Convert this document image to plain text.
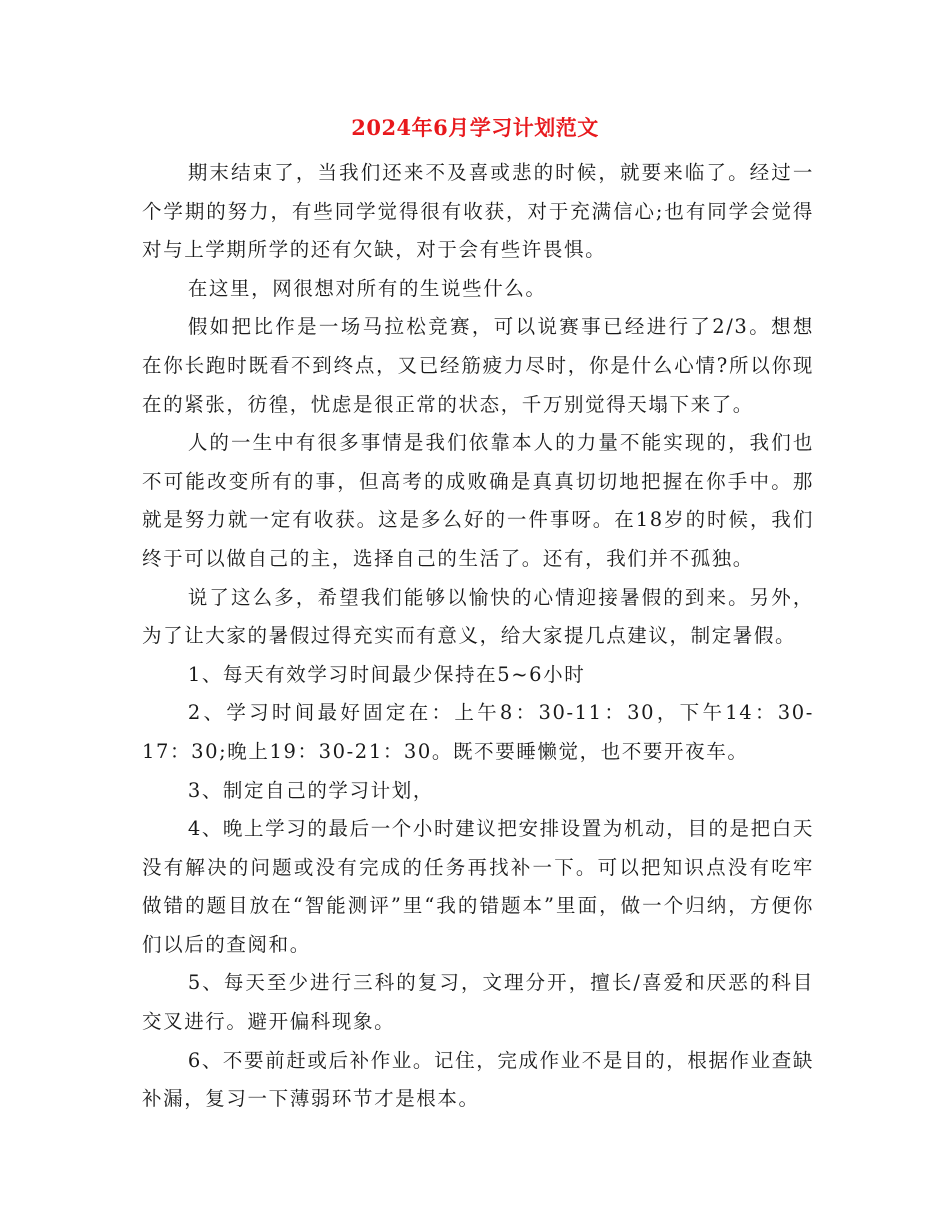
2024年6月学习计划范文

期末结束了，当我们还来不及喜或悲的时候，就要来临了。经过一个学期的努力，有些同学觉得很有收获，对于充满信心;也有同学会觉得对与上学期所学的还有欠缺，对于会有些许畏惧。

在这里，网很想对所有的生说些什么。

假如把比作是一场马拉松竞赛，可以说赛事已经进行了2/3。想想在你长跑时既看不到终点，又已经筋疲力尽时，你是什么心情?所以你现在的紧张，彷徨，忧虑是很正常的状态，千万别觉得天塌下来了。

人的一生中有很多事情是我们依靠本人的力量不能实现的，我们也不可能改变所有的事，但高考的成败确是真真切切地把握在你手中。那就是努力就一定有收获。这是多么好的一件事呀。在18岁的时候，我们终于可以做自己的主，选择自己的生活了。还有，我们并不孤独。

说了这么多，希望我们能够以愉快的心情迎接暑假的到来。另外，为了让大家的暑假过得充实而有意义，给大家提几点建议，制定暑假。

1、每天有效学习时间最少保持在5~6小时

2、学习时间最好固定在：上午8：30-11：30，下午14：30-17：30;晚上19：30-21：30。既不要睡懒觉，也不要开夜车。

3、制定自己的学习计划，

4、晚上学习的最后一个小时建议把安排设置为机动，目的是把白天没有解决的问题或没有完成的任务再找补一下。可以把知识点没有吃牢做错的题目放在“智能测评”里“我的错题本”里面，做一个归纳，方便你们以后的查阅和。

5、每天至少进行三科的复习，文理分开，擅长/喜爱和厌恶的科目交叉进行。避开偏科现象。

6、不要前赶或后补作业。记住，完成作业不是目的，根据作业查缺补漏，复习一下薄弱环节才是根本。
